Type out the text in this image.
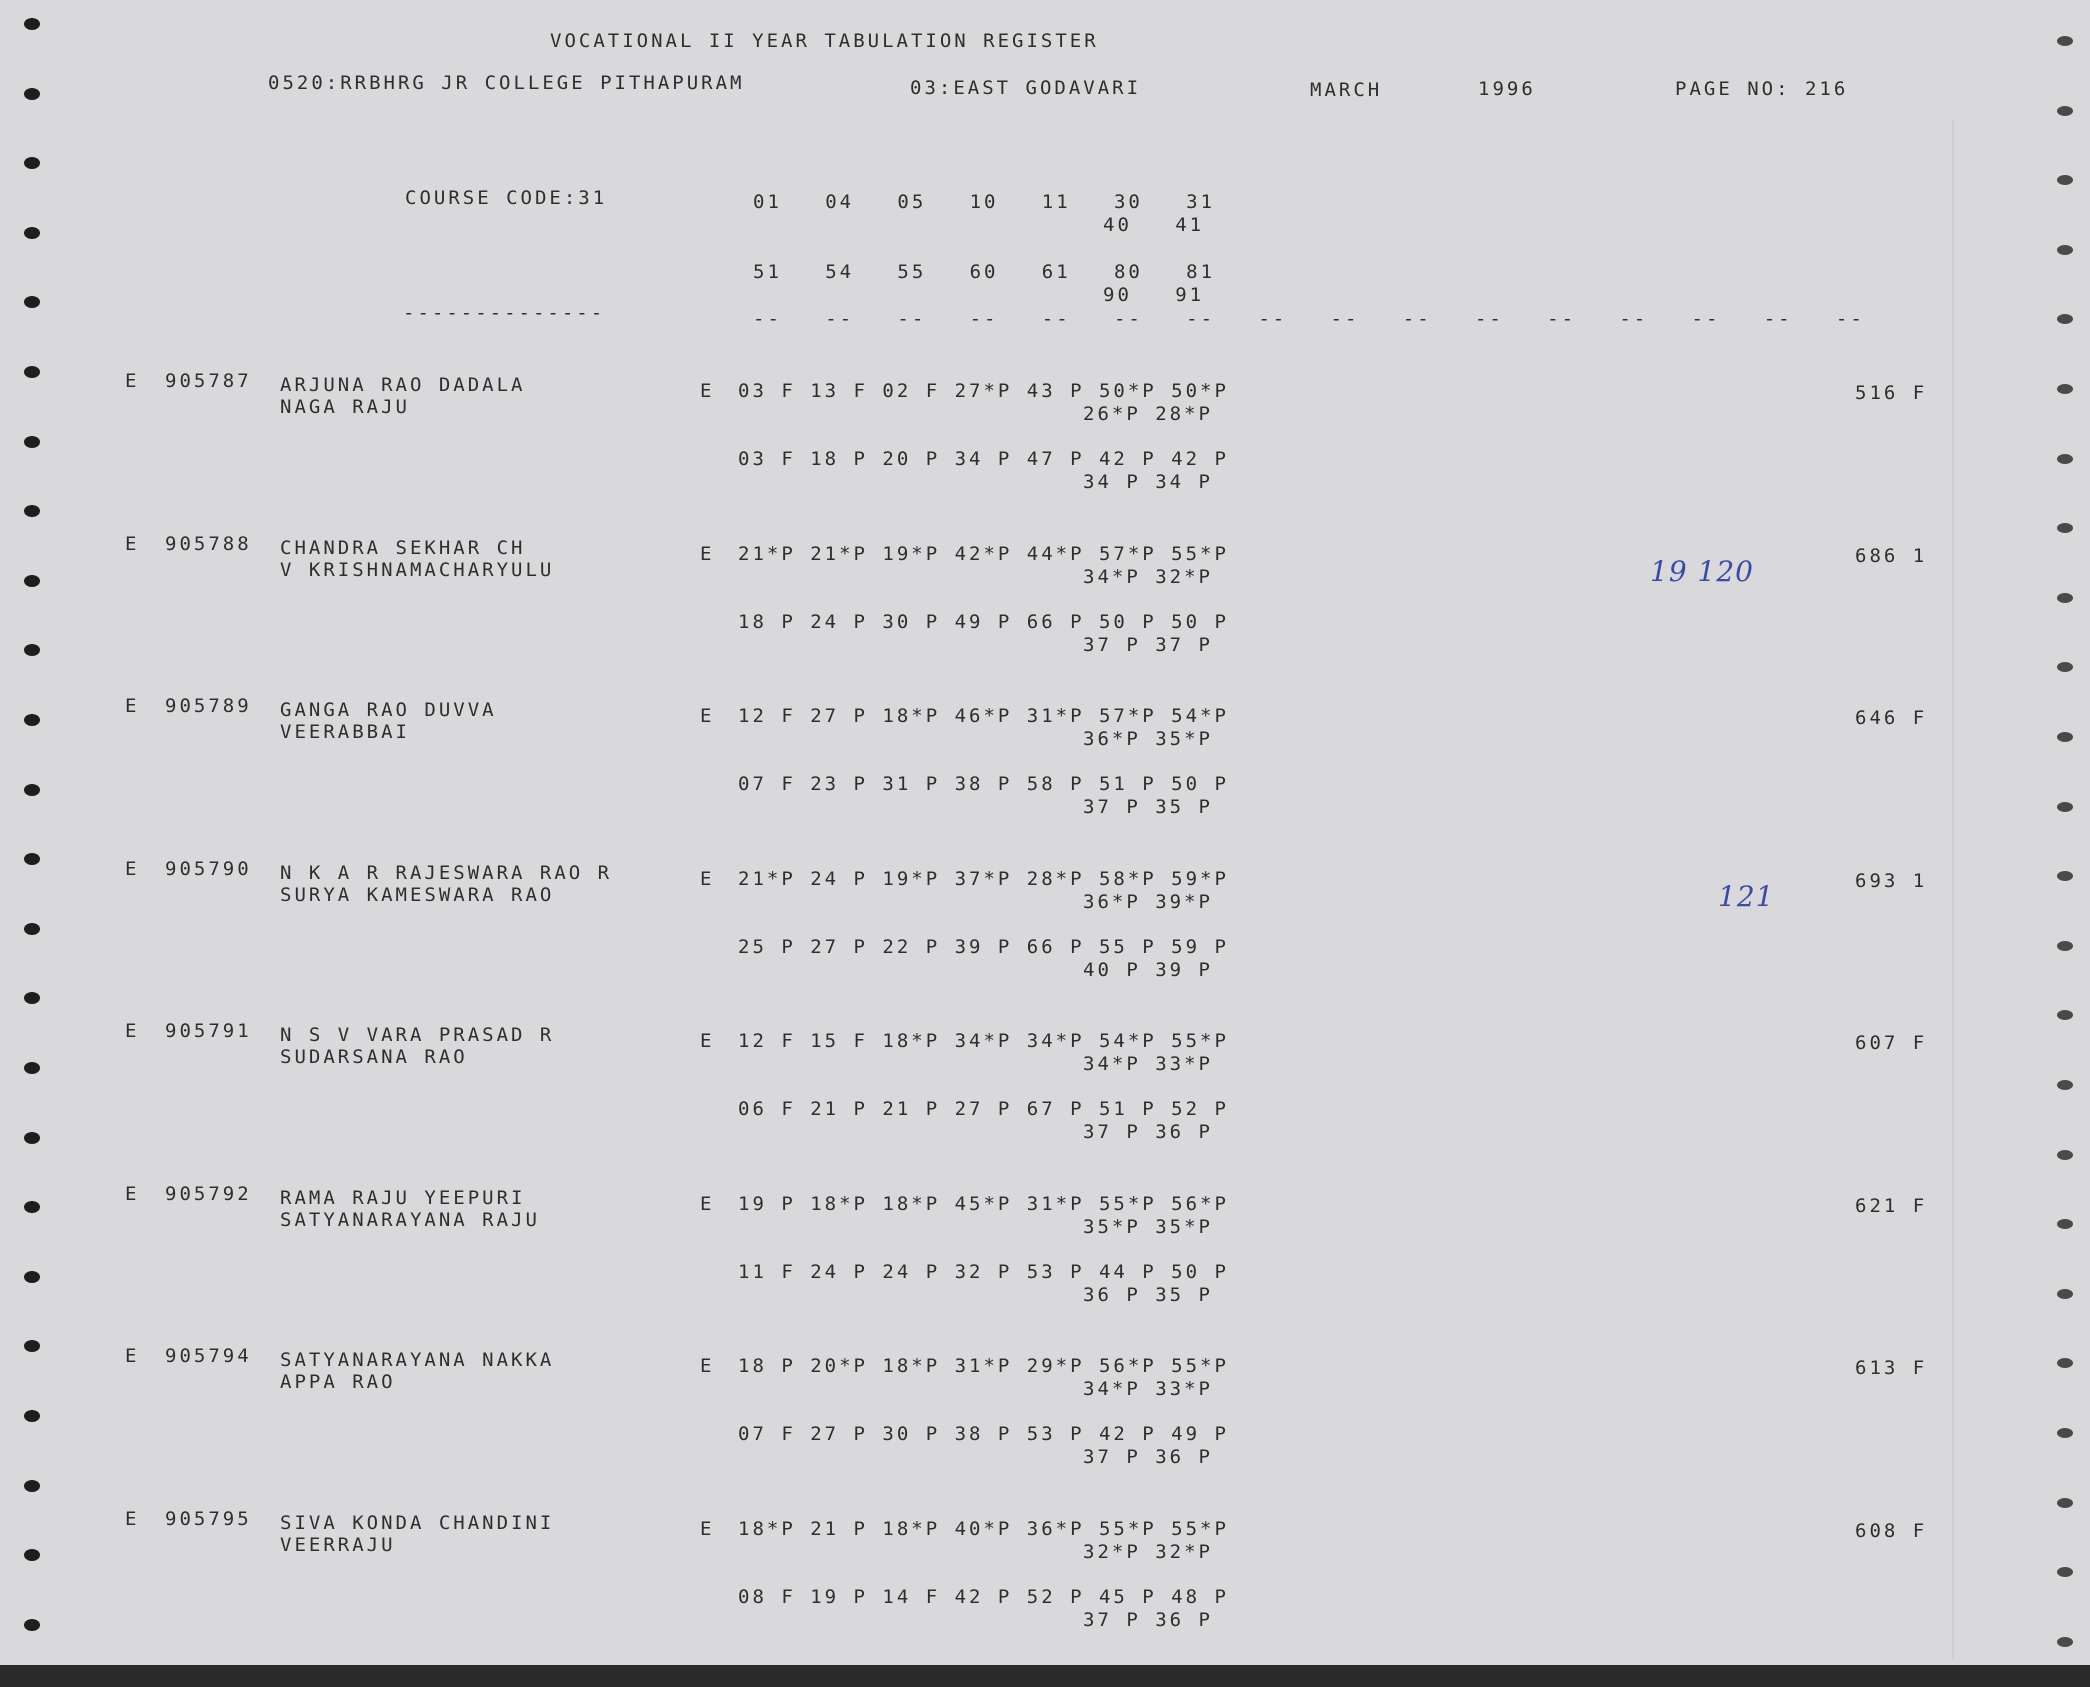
VOCATIONAL II YEAR TABULATION REGISTER
0520:RRBHRG JR COLLEGE PITHAPURAM	03:EAST GODAVARI	MARCH	1996	PAGE NO: 216
COURSE CODE:31	01   04   05   10   11   30   31
40   41
51   54   55   60   61   80   81
90   91
--------------	--   --   --   --   --   --   --   --   --   --   --   --   --   --   --   --
E 905787 ARJUNA RAO DADALA
NAGA RAJU
E 03 F 13 F 02 F 27*P 43 P 50*P 50*P
26*P 28*P
03 F 18 P 20 P 34 P 47 P 42 P 42 P
34 P 34 P
516 F
E 905788 CHANDRA SEKHAR CH
V KRISHNAMACHARYULU
E 21*P 21*P 19*P 42*P 44*P 57*P 55*P
34*P 32*P
18 P 24 P 30 P 49 P 66 P 50 P 50 P
37 P 37 P
686 1
19 120
E 905789 GANGA RAO DUVVA
VEERABBAI
E 12 F 27 P 18*P 46*P 31*P 57*P 54*P
36*P 35*P
07 F 23 P 31 P 38 P 58 P 51 P 50 P
37 P 35 P
646 F
E 905790 N K A R RAJESWARA RAO R
SURYA KAMESWARA RAO
E 21*P 24 P 19*P 37*P 28*P 58*P 59*P
36*P 39*P
25 P 27 P 22 P 39 P 66 P 55 P 59 P
40 P 39 P
693 1
121
E 905791 N S V VARA PRASAD R
SUDARSANA RAO
E 12 F 15 F 18*P 34*P 34*P 54*P 55*P
34*P 33*P
06 F 21 P 21 P 27 P 67 P 51 P 52 P
37 P 36 P
607 F
E 905792 RAMA RAJU YEEPURI
SATYANARAYANA RAJU
E 19 P 18*P 18*P 45*P 31*P 55*P 56*P
35*P 35*P
11 F 24 P 24 P 32 P 53 P 44 P 50 P
36 P 35 P
621 F
E 905794 SATYANARAYANA NAKKA
APPA RAO
E 18 P 20*P 18*P 31*P 29*P 56*P 55*P
34*P 33*P
07 F 27 P 30 P 38 P 53 P 42 P 49 P
37 P 36 P
613 F
E 905795 SIVA KONDA CHANDINI
VEERRAJU
E 18*P 21 P 18*P 40*P 36*P 55*P 55*P
32*P 32*P
08 F 19 P 14 F 42 P 52 P 45 P 48 P
37 P 36 P
608 F
